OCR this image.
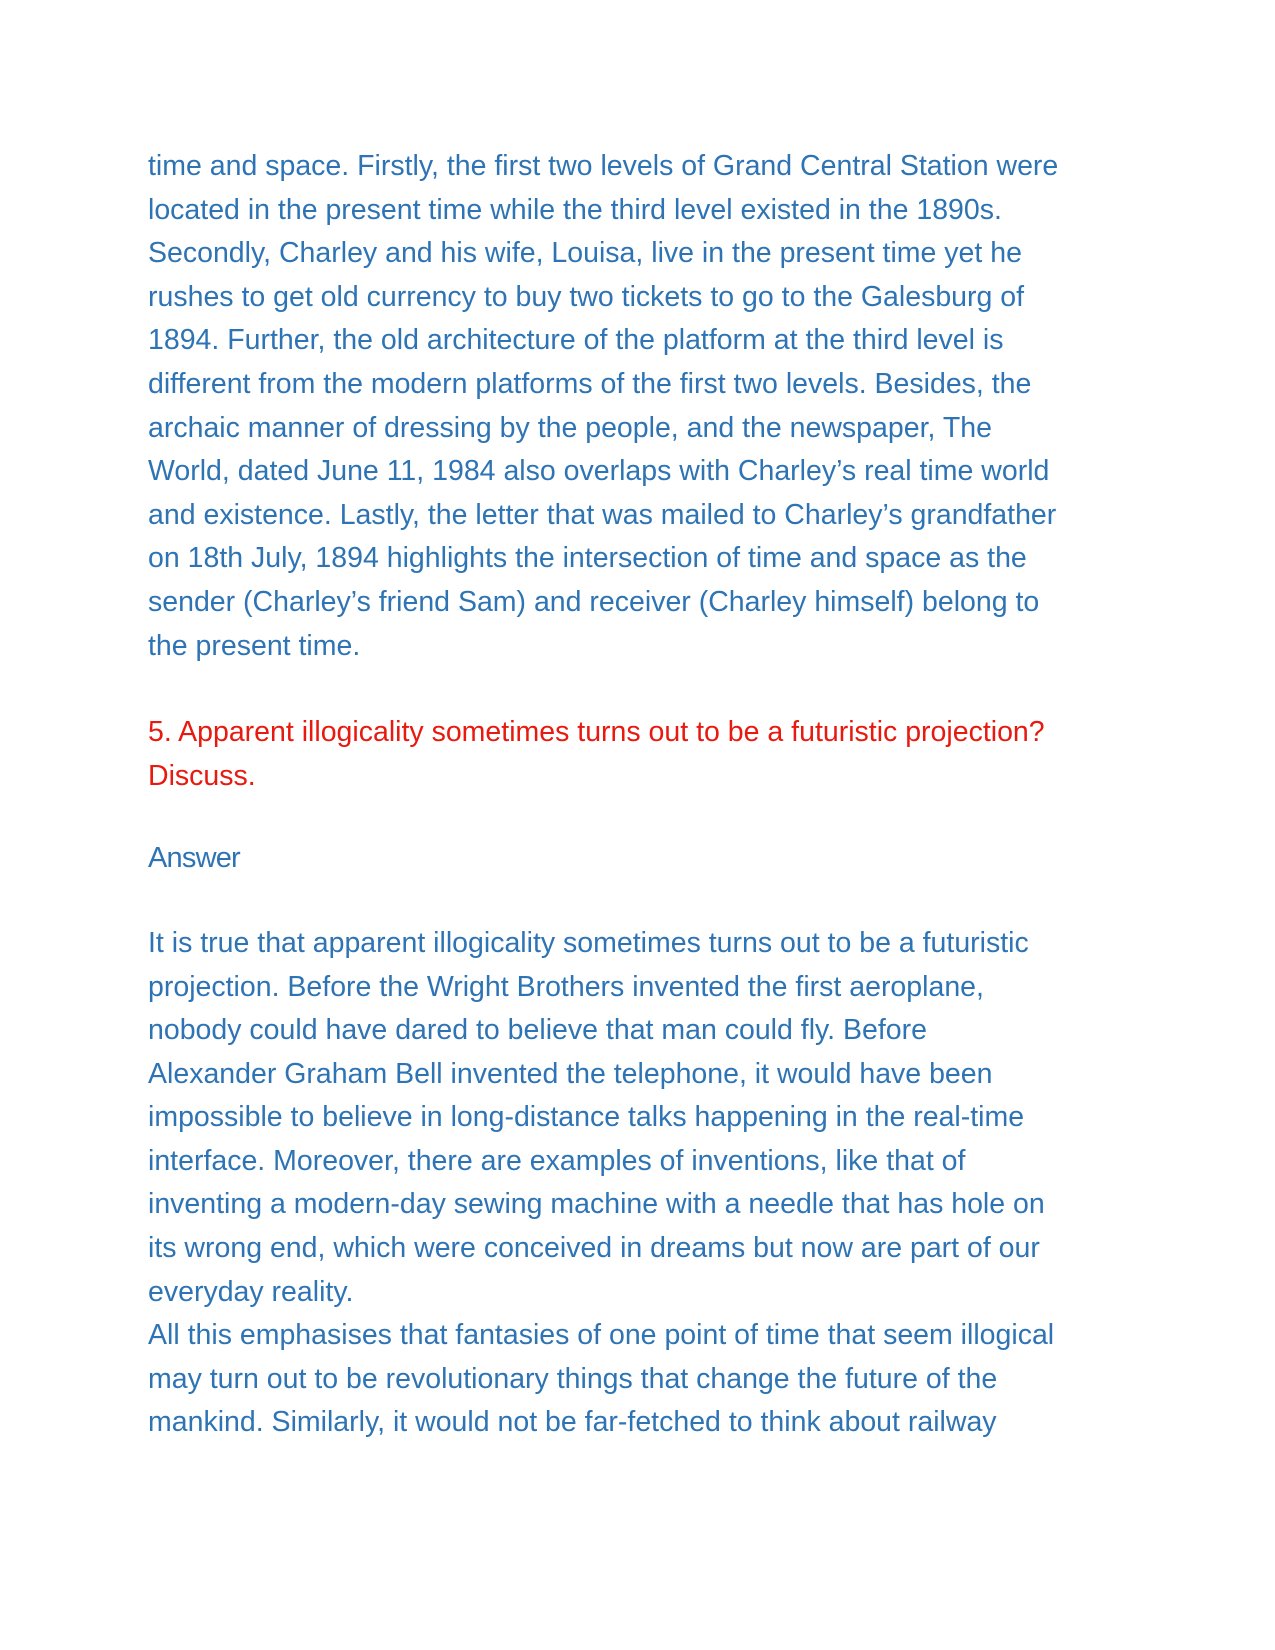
time and space. Firstly, the first two levels of Grand Central Station were
located in the present time while the third level existed in the 1890s.
Secondly, Charley and his wife, Louisa, live in the present time yet he
rushes to get old currency to buy two tickets to go to the Galesburg of
1894. Further, the old architecture of the platform at the third level is
different from the modern platforms of the first two levels. Besides, the
archaic manner of dressing by the people, and the newspaper, The
World, dated June 11, 1984 also overlaps with Charley’s real time world
and existence. Lastly, the letter that was mailed to Charley’s grandfather
on 18th July, 1894 highlights the intersection of time and space as the
sender (Charley’s friend Sam) and receiver (Charley himself) belong to
the present time.
5. Apparent illogicality sometimes turns out to be a futuristic projection?
Discuss.
Answer
It is true that apparent illogicality sometimes turns out to be a futuristic
projection. Before the Wright Brothers invented the first aeroplane,
nobody could have dared to believe that man could fly. Before
Alexander Graham Bell invented the telephone, it would have been
impossible to believe in long-distance talks happening in the real-time
interface. Moreover, there are examples of inventions, like that of
inventing a modern-day sewing machine with a needle that has hole on
its wrong end, which were conceived in dreams but now are part of our
everyday reality.
All this emphasises that fantasies of one point of time that seem illogical
may turn out to be revolutionary things that change the future of the
mankind. Similarly, it would not be far-fetched to think about railway
